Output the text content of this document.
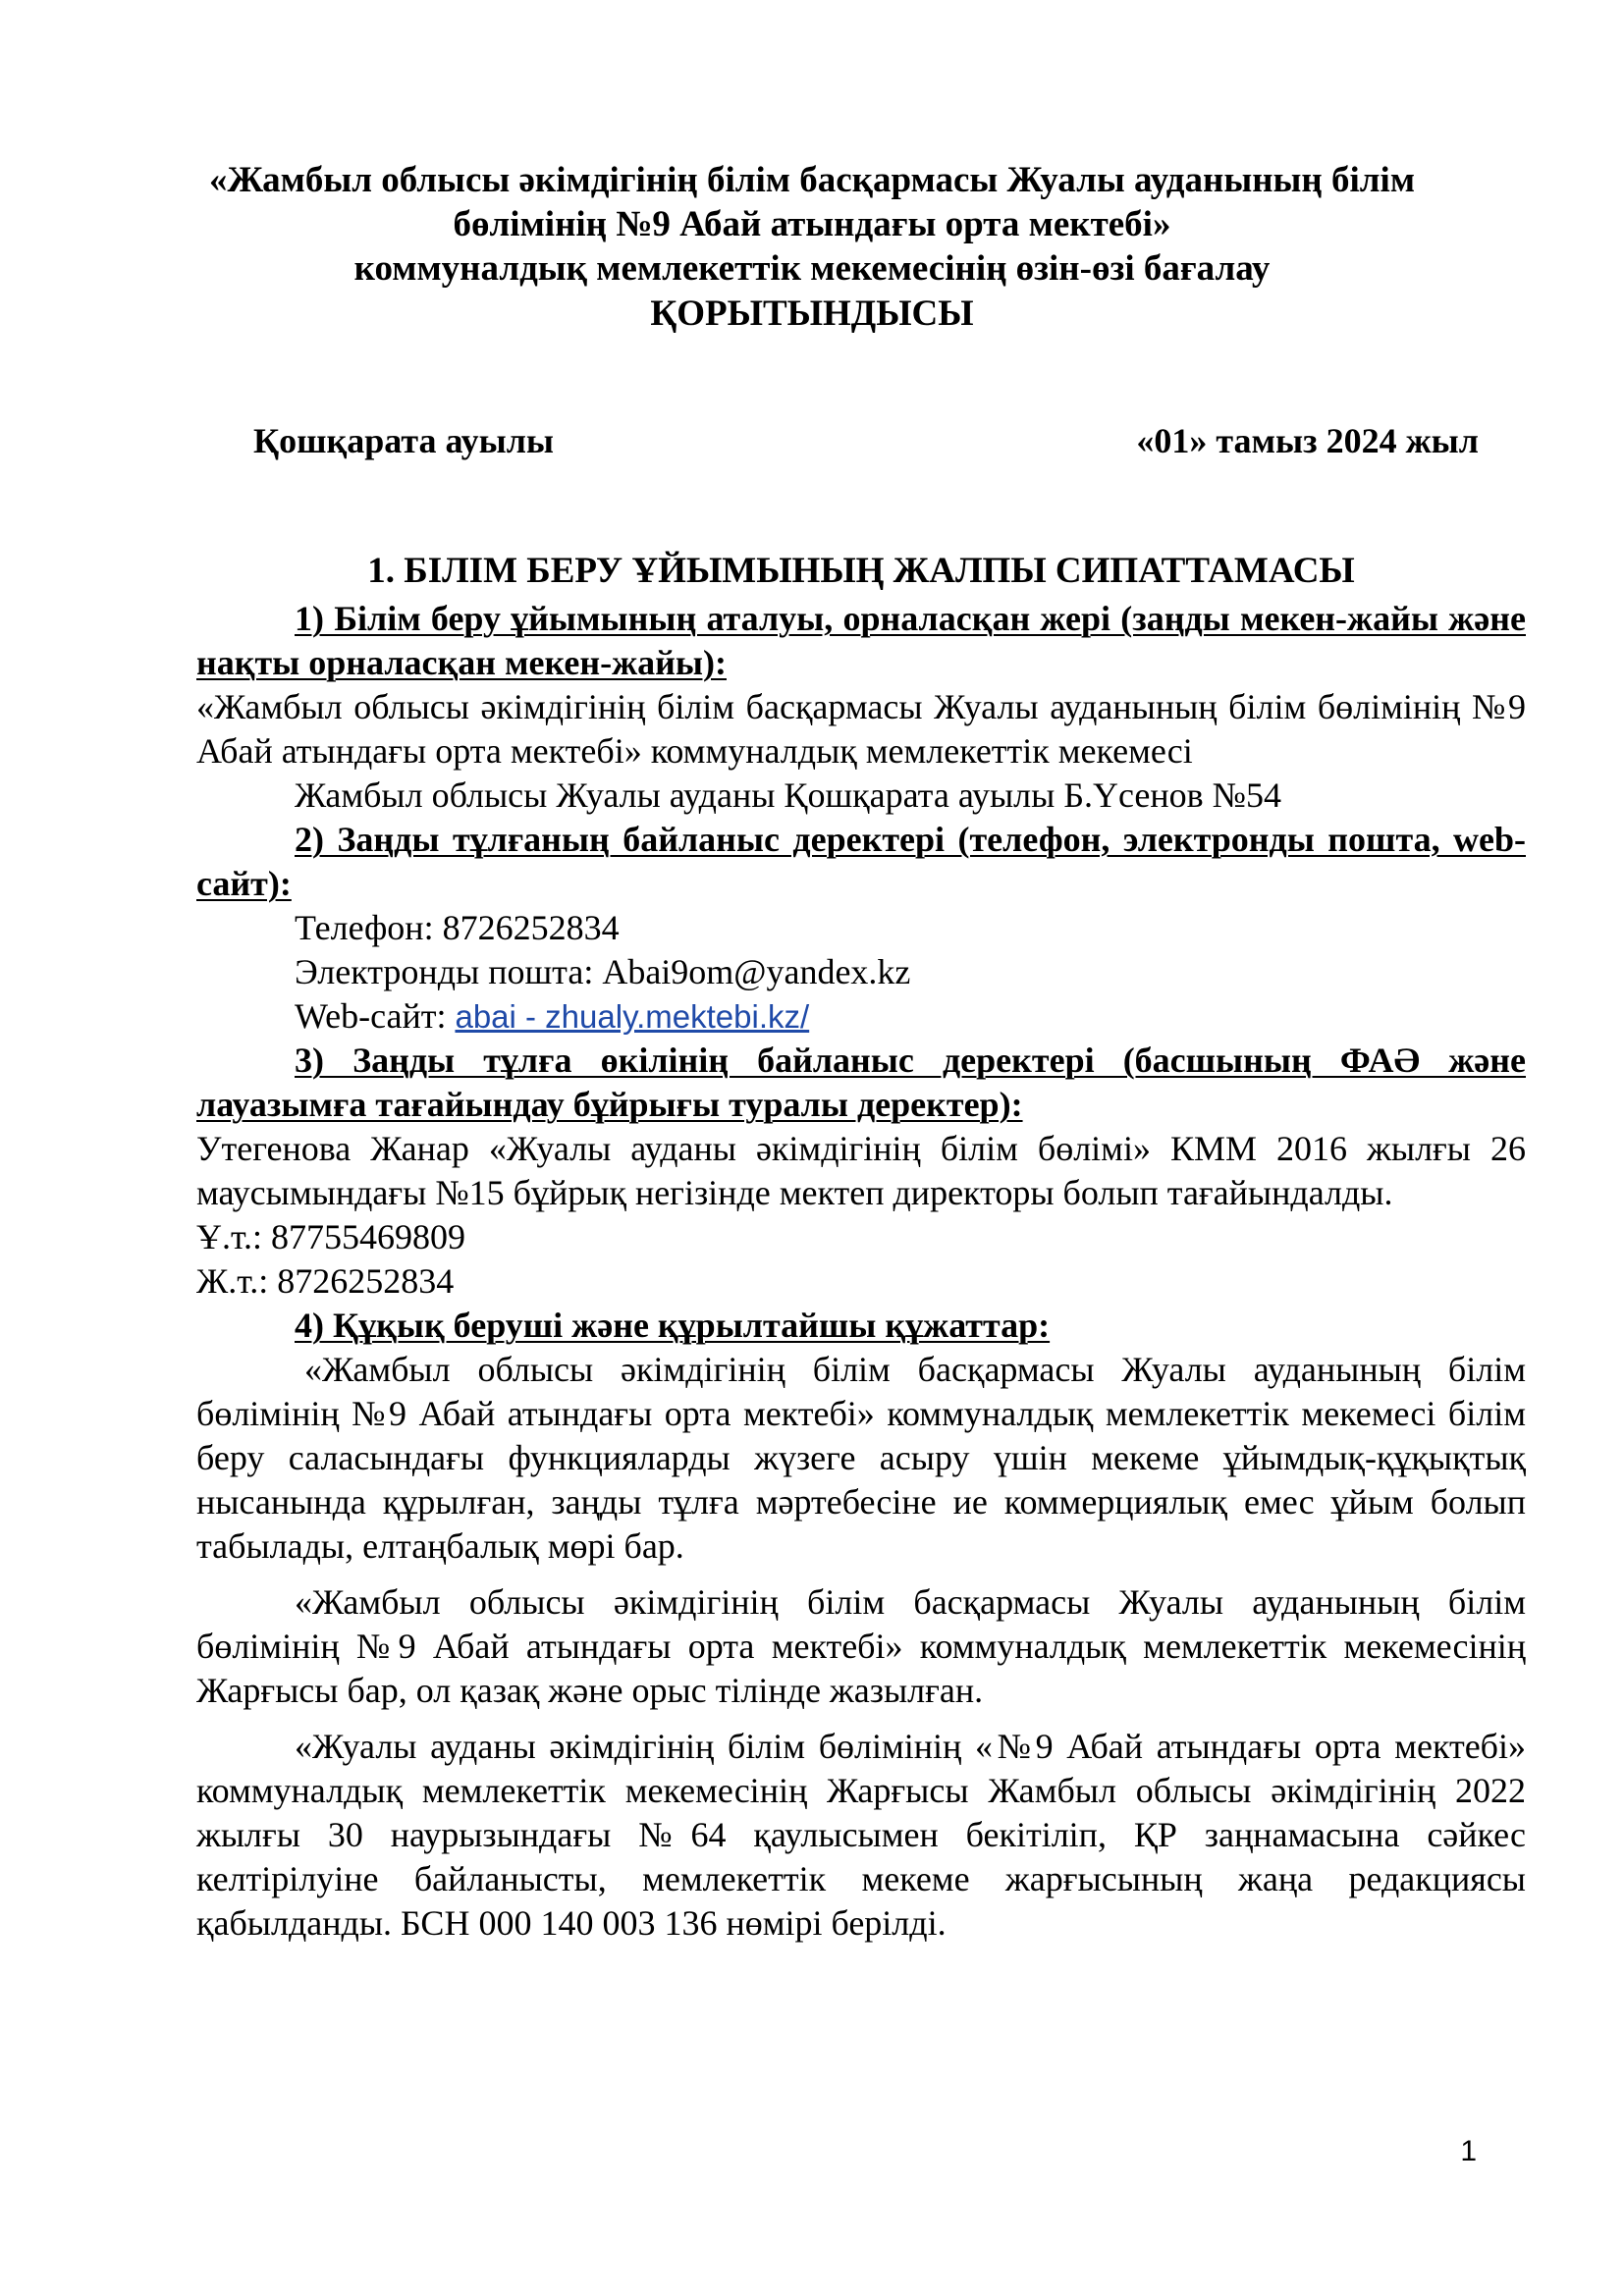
«Жамбыл облысы әкімдігінің білім басқармасы Жуалы ауданының білім
бөлімінің №9 Абай атындағы орта мектебі»
коммуналдық мемлекеттік мекемесінің өзін-өзі бағалау
ҚОРЫТЫНДЫСЫ
Қошқарата ауылы	«01» тамыз 2024 жыл
1. БІЛІМ БЕРУ ҰЙЫМЫНЫҢ ЖАЛПЫ СИПАТТАМАСЫ

1) Білім беру ұйымының аталуы, орналасқан жері (заңды мекен-жайы және нақты орналасқан мекен-жайы):

«Жамбыл облысы әкімдігінің білім басқармасы Жуалы ауданының білім бөлімінің №9 Абай атындағы орта мектебі» коммуналдық мемлекеттік мекемесі

Жамбыл облысы Жуалы ауданы Қошқарата ауылы Б.Үсенов №54

2) Заңды тұлғаның байланыс деректері (телефон, электронды пошта, web-сайт):

Телефон: 8726252834

Электронды пошта: Abai9om@yandex.kz

Web-сайт: abai - zhualy.mektebi.kz/

3) Заңды тұлға өкілінің байланыс деректері (басшының ФАӘ және лауазымға тағайындау бұйрығы туралы деректер):

Утегенова Жанар «Жуалы ауданы әкімдігінің білім бөлімі» КММ 2016 жылғы 26 маусымындағы №15 бұйрық негізінде мектеп директоры болып тағайындалды.

Ұ.т.: 87755469809

Ж.т.: 8726252834

4) Құқық беруші және құрылтайшы құжаттар:

«Жамбыл облысы әкімдігінің білім басқармасы Жуалы ауданының білім бөлімінің №9 Абай атындағы орта мектебі» коммуналдық мемлекеттік мекемесі білім беру саласындағы функцияларды жүзеге асыру үшін мекеме ұйымдық-құқықтық нысанында құрылған, заңды тұлға мәртебесіне ие коммерциялық емес ұйым болып табылады, елтаңбалық мөрі бар.

«Жамбыл облысы әкімдігінің білім басқармасы Жуалы ауданының білім бөлімінің №9 Абай атындағы орта мектебі» коммуналдық мемлекеттік мекемесінің Жарғысы бар, ол қазақ және орыс тілінде жазылған.

«Жуалы ауданы әкімдігінің білім бөлімінің «№9 Абай атындағы орта мектебі» коммуналдық мемлекеттік мекемесінің Жарғысы Жамбыл облысы әкімдігінің 2022 жылғы 30 наурызындағы №64 қаулысымен бекітіліп, ҚР заңнамасына сәйкес келтірілуіне байланысты, мемлекеттік мекеме жарғысының жаңа редакциясы қабылданды. БСН 000 140 003 136 нөмірі берілді.

1
